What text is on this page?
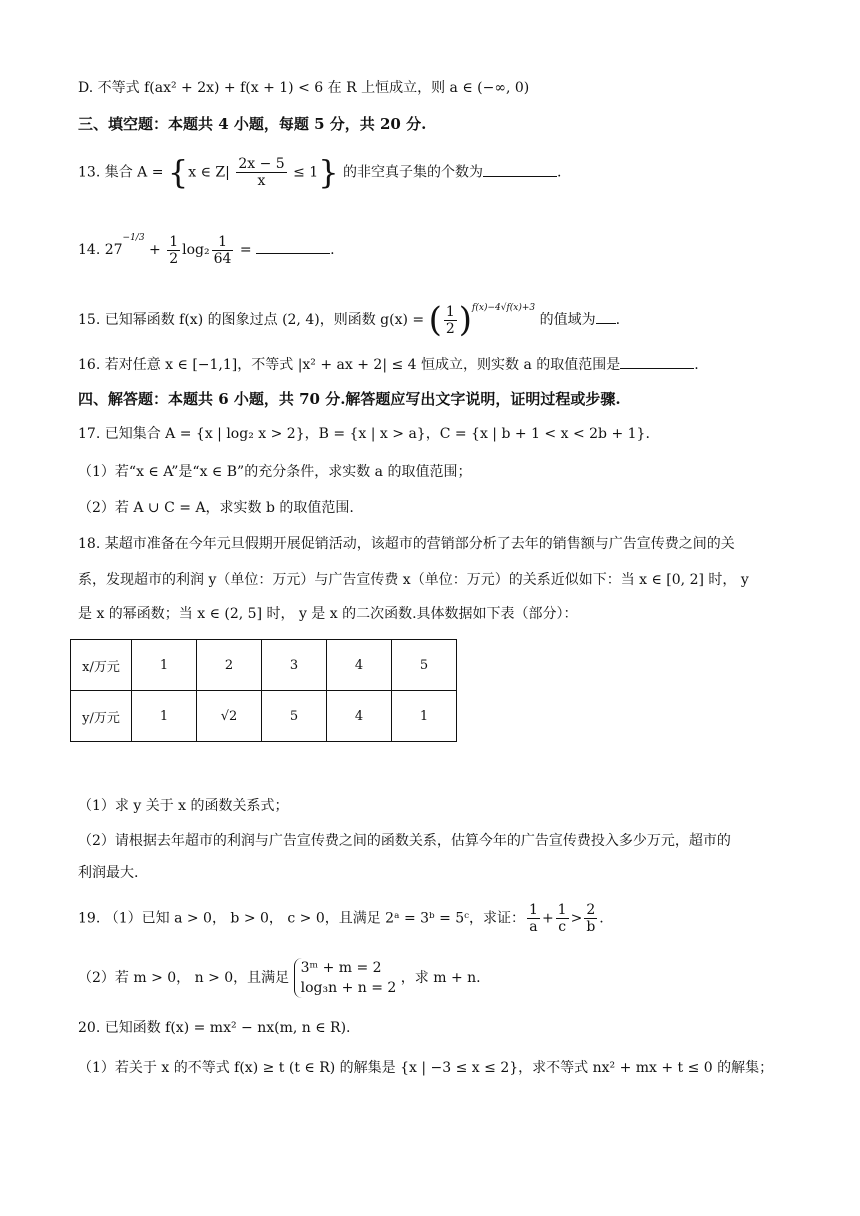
D. 不等式 f(ax² + 2x) + f(x + 1) < 6 在 R 上恒成立，则 a ∈ (−∞, 0)
三、填空题：本题共 4 小题，每题 5 分，共 20 分.
13. 集合 A = {x ∈ $Z| \frac{2x - 5}{x} \le 1$} 的非空真子集的个数为	.
14. $27^{-1/3} + \frac{1}{2} \log_2 \frac{1}{64}$ =	.
15. 已知幂函数 f(x) 的图象过点 (2, 4)，则函数 g(x) = ( $\frac{1}{2} )^{f(x)-4√f(x)+3}$ 的值域为 .
16. 若对任意 x ∈ [−1,1]，不等式 |x² + ax + 2| ≤ 4 恒成立，则实数 a 的取值范围是	.
四、解答题：本题共 6 小题，共 70 分.解答题应写出文字说明，证明过程或步骤.
17. 已知集合 A = {x | log₂ x > 2}，B = {x | x > a}，C = {x | b + 1 < x < 2b + 1}.
（1）若“x ∈ A”是“x ∈ B”的充分条件，求实数 a 的取值范围；
（2）若 A ∪ C = A，求实数 b 的取值范围.
18. 某超市准备在今年元旦假期开展促销活动，该超市的营销部分析了去年的销售额与广告宣传费之间的关
系，发现超市的利润 y（单位：万元）与广告宣传费 x（单位：万元）的关系近似如下：当 x ∈ [0, 2] 时， y
是 x 的幂函数；当 x ∈ (2, 5] 时， y 是 x 的二次函数.具体数据如下表（部分）：
x/万元	1	2	3	4	5
y/万元	1	√2	5	4	1
（1）求 y 关于 x 的函数关系式；
（2）请根据去年超市的利润与广告宣传费之间的函数关系，估算今年的广告宣传费投入多少万元，超市的
利润最大.
19. （1）已知 a > 0， b > 0， c > 0，且满足 2ᵃ = 3ᵇ = 5ᶜ，求证： $\frac{1}{a} + \frac{1}{c} > \frac{2}{b}$ .
（2）若 m > 0， n > 0，且满足
3ᵐ + m = 2
log₃n + n = 2
，求 m + n.
20. 已知函数 f(x) = mx² − nx(m, n ∈ R).
（1）若关于 x 的不等式 f(x) ≥ t (t ∈ R) 的解集是 {x | −3 ≤ x ≤ 2}，求不等式 nx² + mx + t ≤ 0 的解集；
